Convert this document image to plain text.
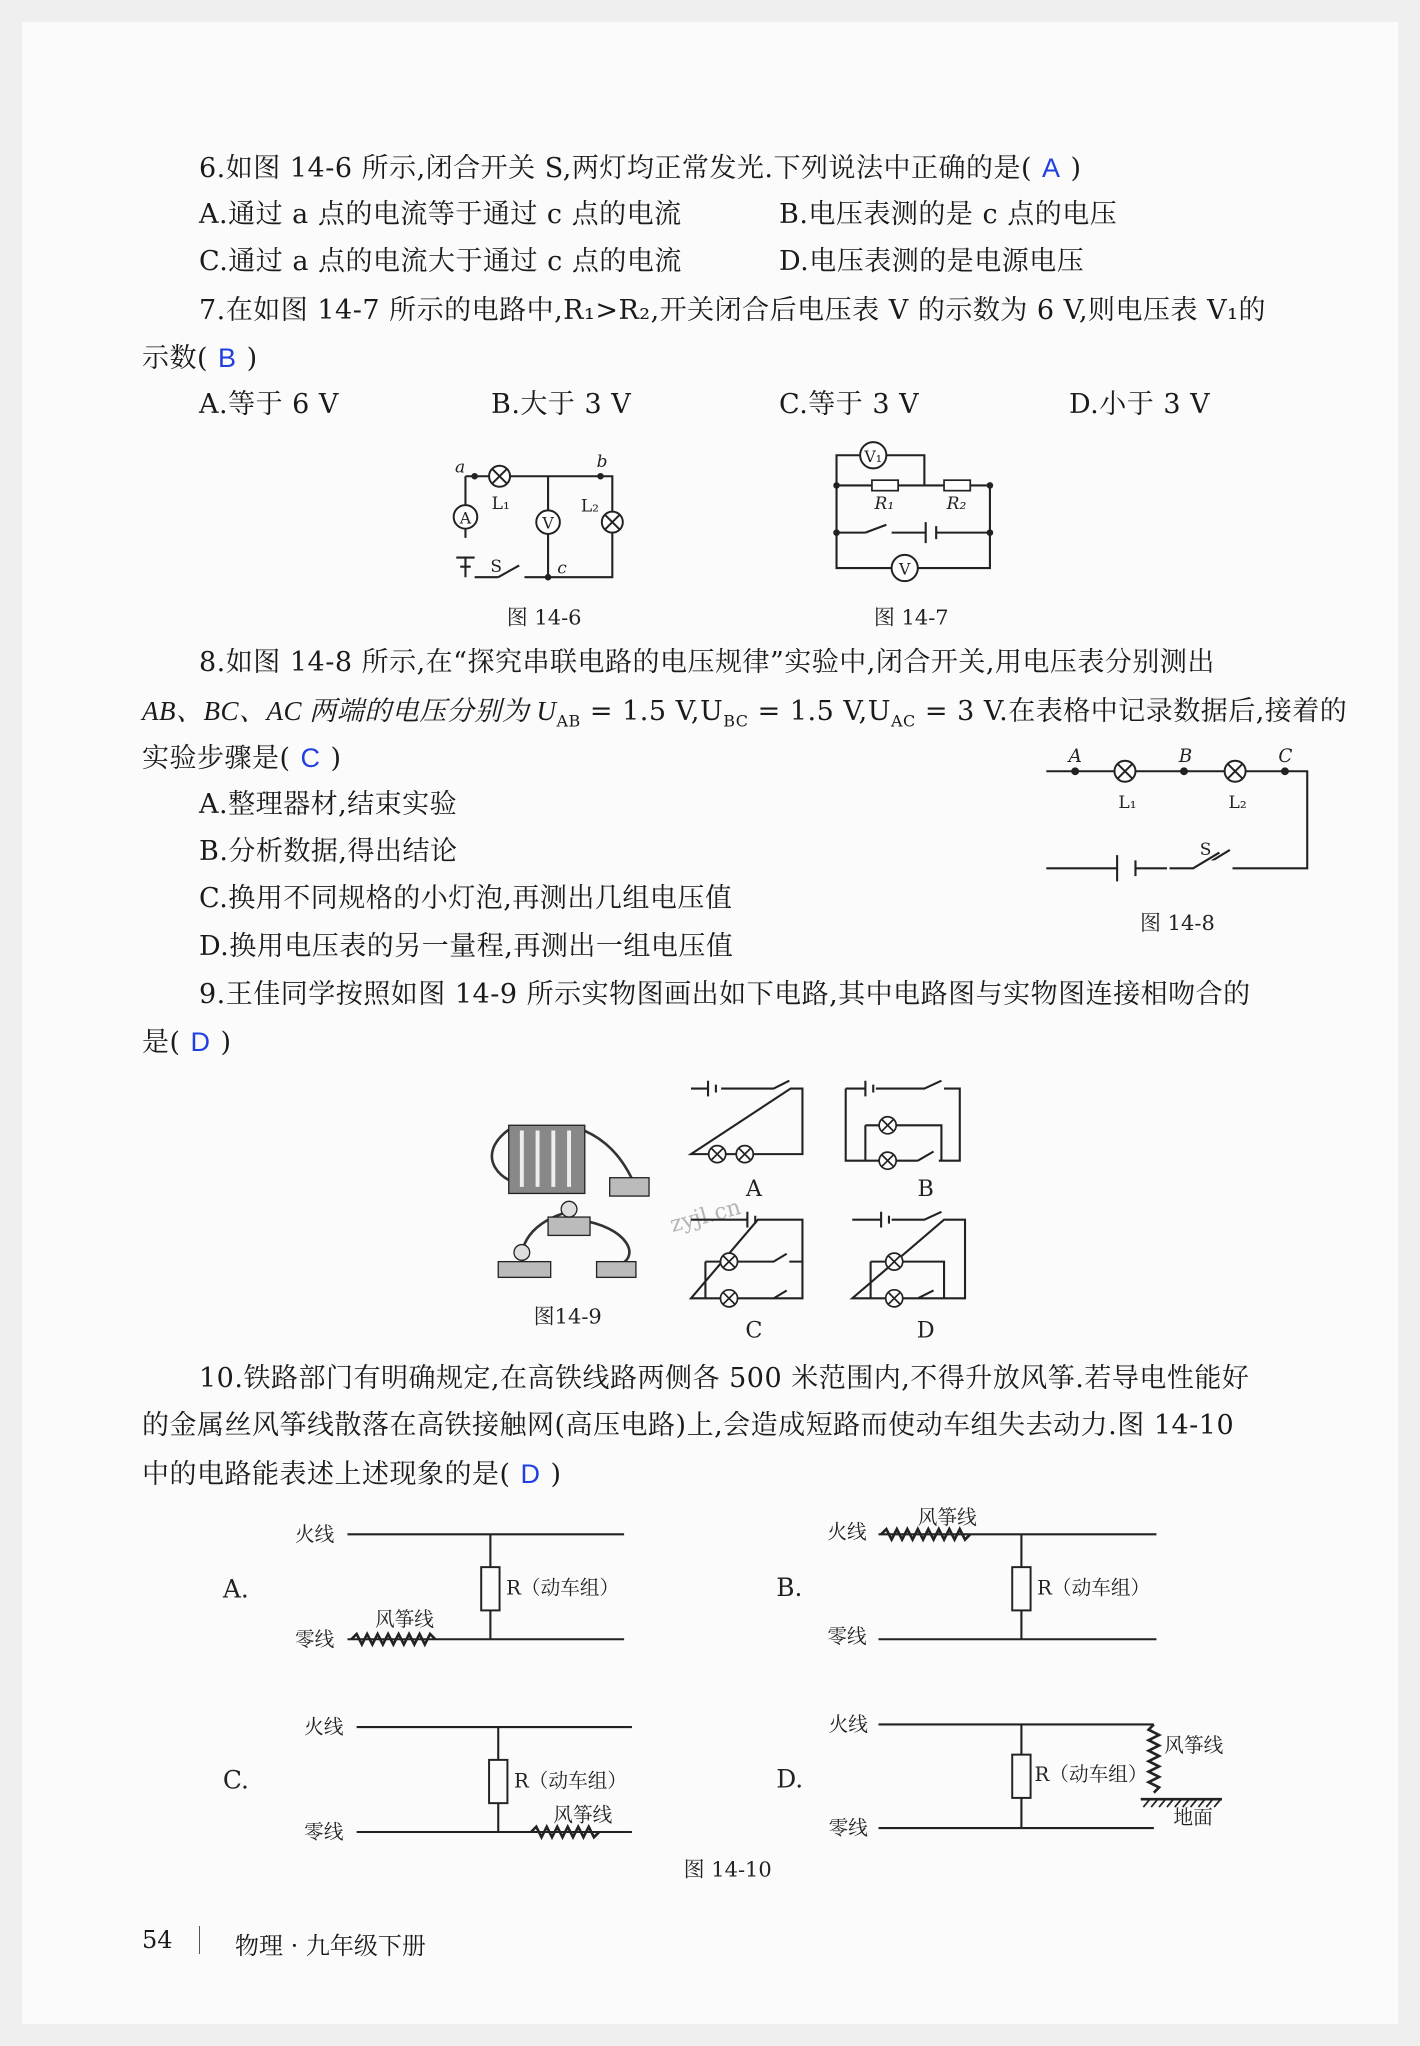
6.如图 14-6 所示,闭合开关 S,两灯均正常发光.下列说法中正确的是( A )
A.通过 a 点的电流等于通过 c 点的电流	B.电压表测的是 c 点的电压
C.通过 a 点的电流大于通过 c 点的电流	D.电压表测的是电源电压
7.在如图 14-7 所示的电路中,R₁>R₂,开关闭合后电压表 V 的示数为 6 V,则电压表 V₁的
示数( B )
A.等于 6 V	B.大于 3 V	C.等于 3 V	D.小于 3 V
8.如图 14-8 所示,在“探究串联电路的电压规律”实验中,闭合开关,用电压表分别测出
AB、BC、AC 两端的电压分别为 $U_{AB} = 1.5$ $V,U_{BC} = 1.5$ $V,U_{AC} = 3$ V.在表格中记录数据后,接着的
实验步骤是( C )
A.整理器材,结束实验
B.分析数据,得出结论
C.换用不同规格的小灯泡,再测出几组电压值
D.换用电压表的另一量程,再测出一组电压值
9.王佳同学按照如图 14-9 所示实物图画出如下电路,其中电路图与实物图连接相吻合的
是( D )
10.铁路部门有明确规定,在高铁线路两侧各 500 米范围内,不得升放风筝.若导电性能好
的金属丝风筝线散落在高铁接触网(高压电路)上,会造成短路而使动车组失去动力.图 14-10
中的电路能表述上述现象的是( D )
54	物理 · 九年级下册
V
A
a	b
c
L₁	L₂
S
图 14-6
V₁
V
R₁	R₂
图 14-7
A	B	C
L₁	L₂
S
图 14-8
图14-9
zyjl.cn
A	B
C	D
火线
零线
风筝线
R（动车组）
A.
火线
零线
风筝线
R（动车组）
B.
火线
零线
风筝线
R（动车组）
C.
火线
零线
风筝线
R（动车组）
地面
D.
图 14-10
